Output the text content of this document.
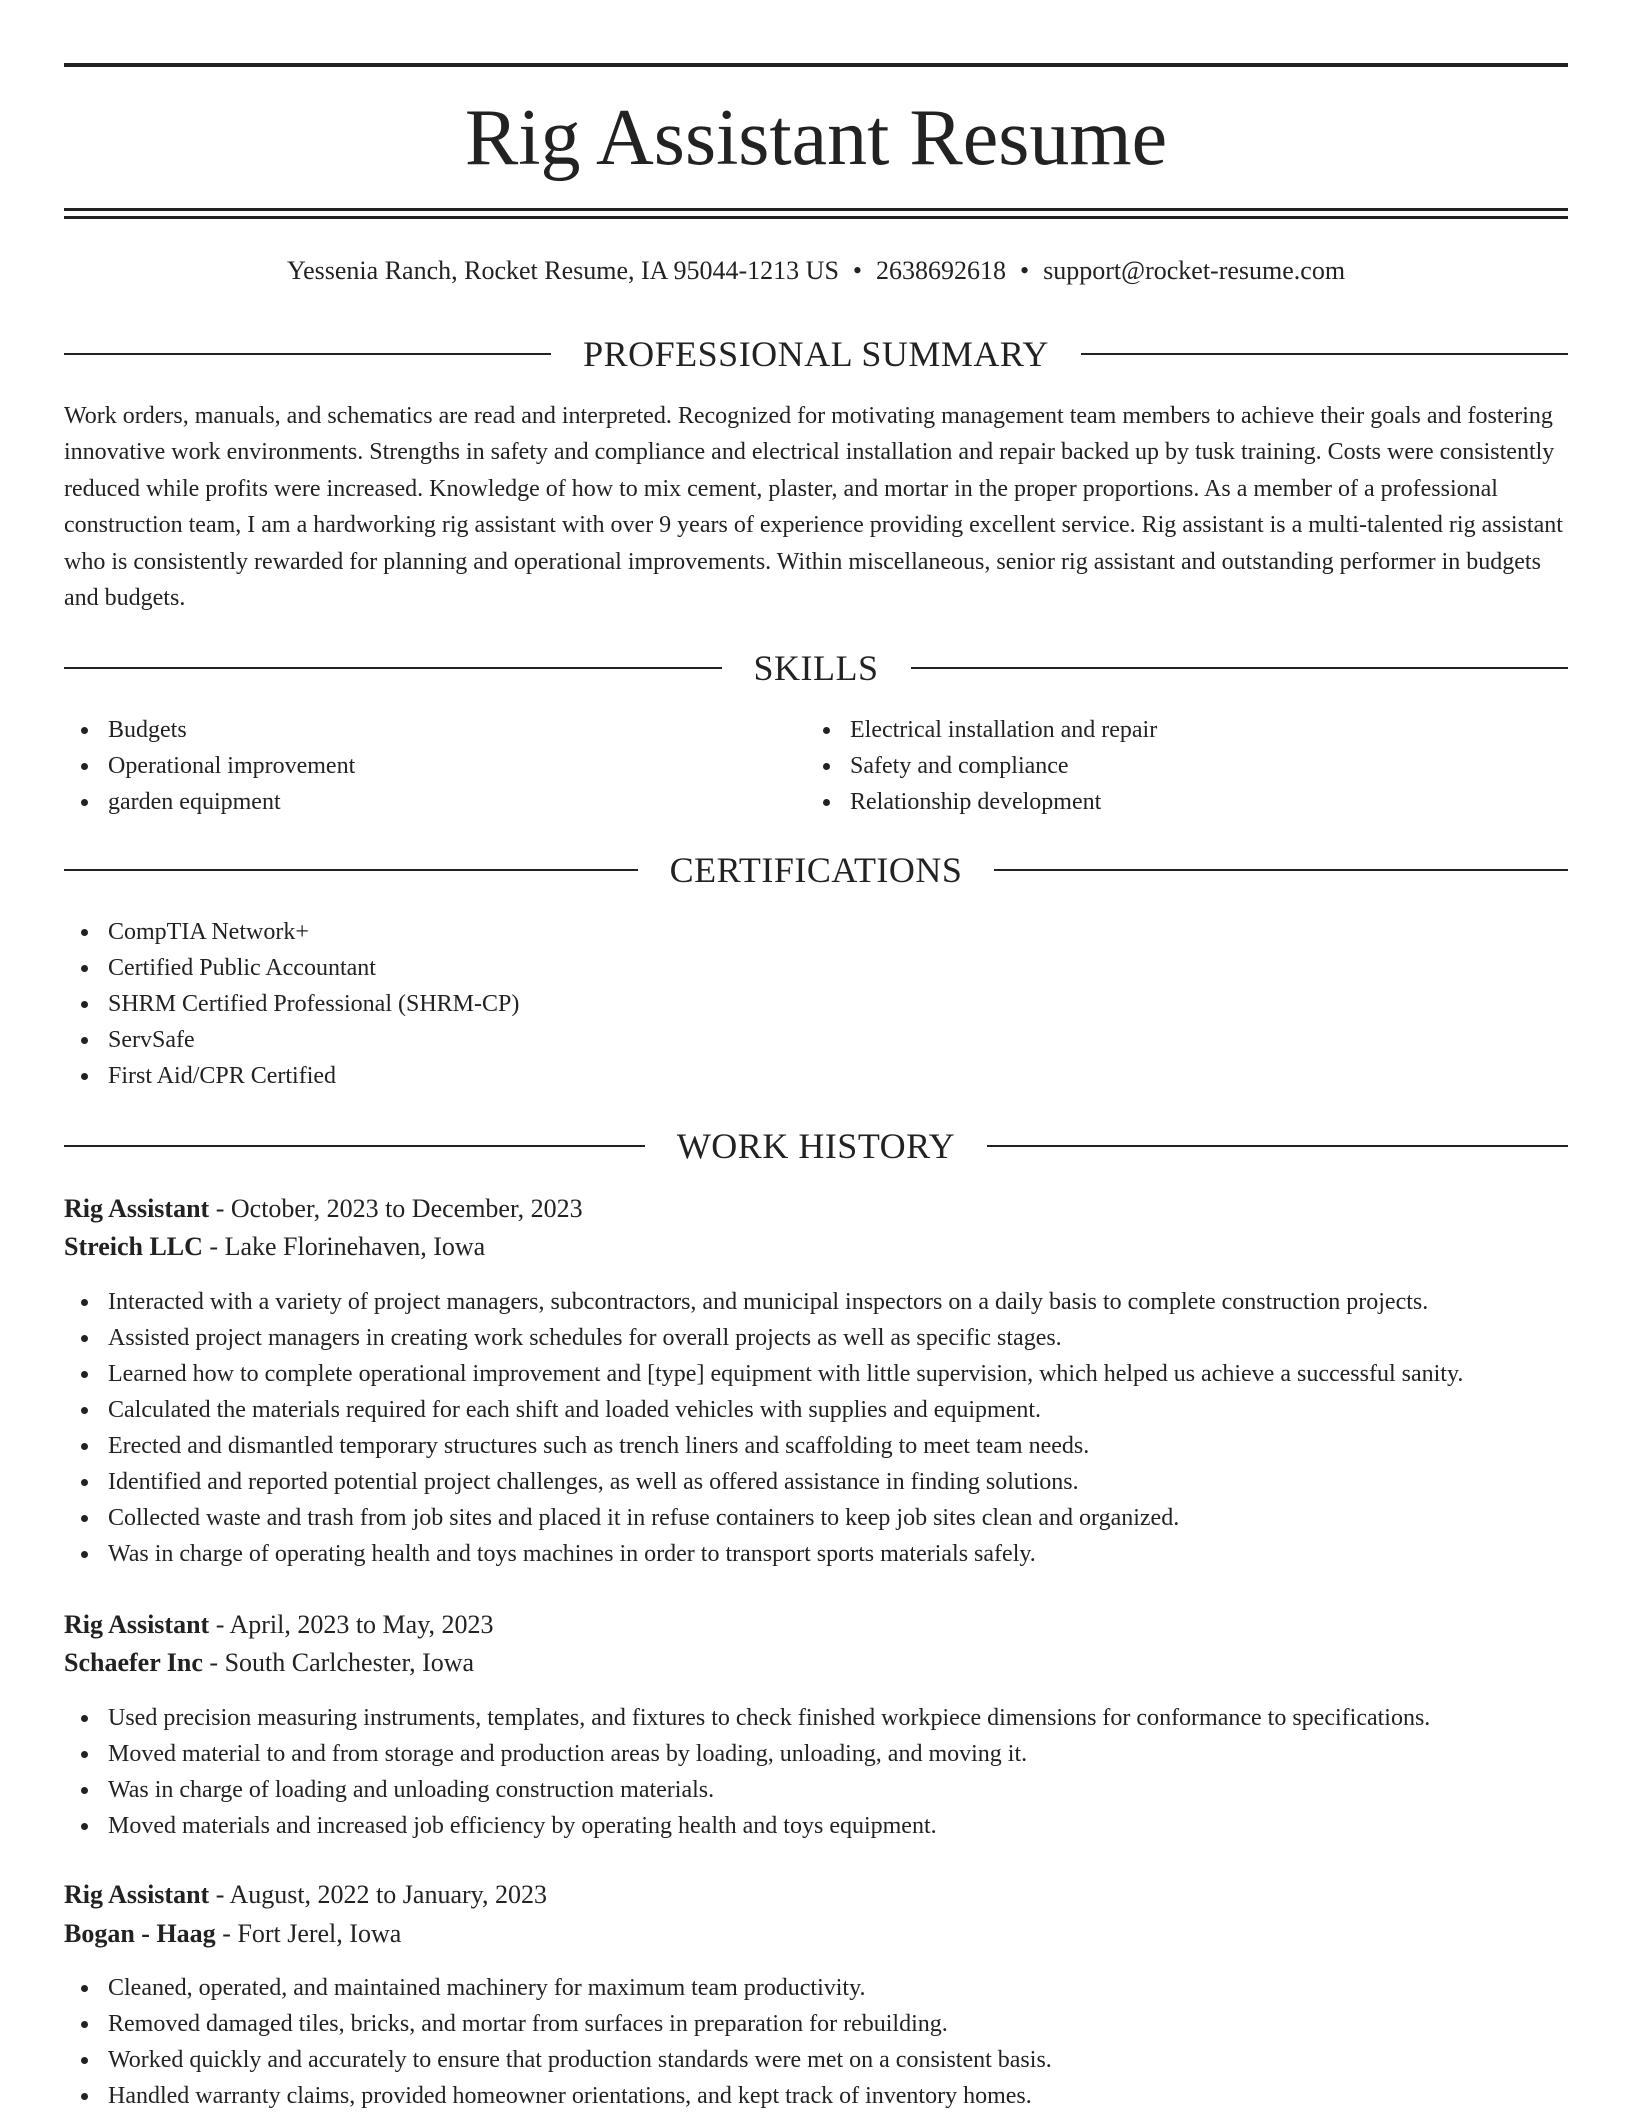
Rig Assistant Resume
Yessenia Ranch, Rocket Resume, IA 95044-1213 US • 2638692618 • support@rocket-resume.com
PROFESSIONAL SUMMARY

Work orders, manuals, and schematics are read and interpreted. Recognized for motivating management team members to achieve their goals and fostering innovative work environments. Strengths in safety and compliance and electrical installation and repair backed up by tusk training. Costs were consistently reduced while profits were increased. Knowledge of how to mix cement, plaster, and mortar in the proper proportions. As a member of a professional construction team, I am a hardworking rig assistant with over 9 years of experience providing excellent service. Rig assistant is a multi-talented rig assistant who is consistently rewarded for planning and operational improvements. Within miscellaneous, senior rig assistant and outstanding performer in budgets and budgets.

SKILLS
Budgets
Operational improvement
garden equipment
Electrical installation and repair
Safety and compliance
Relationship development
CERTIFICATIONS
CompTIA Network+
Certified Public Accountant
SHRM Certified Professional (SHRM-CP)
ServSafe
First Aid/CPR Certified
WORK HISTORY
Rig Assistant - October, 2023 to December, 2023
Streich LLC - Lake Florinehaven, Iowa
Interacted with a variety of project managers, subcontractors, and municipal inspectors on a daily basis to complete construction projects.
Assisted project managers in creating work schedules for overall projects as well as specific stages.
Learned how to complete operational improvement and [type] equipment with little supervision, which helped us achieve a successful sanity.
Calculated the materials required for each shift and loaded vehicles with supplies and equipment.
Erected and dismantled temporary structures such as trench liners and scaffolding to meet team needs.
Identified and reported potential project challenges, as well as offered assistance in finding solutions.
Collected waste and trash from job sites and placed it in refuse containers to keep job sites clean and organized.
Was in charge of operating health and toys machines in order to transport sports materials safely.
Rig Assistant - April, 2023 to May, 2023
Schaefer Inc - South Carlchester, Iowa
Used precision measuring instruments, templates, and fixtures to check finished workpiece dimensions for conformance to specifications.
Moved material to and from storage and production areas by loading, unloading, and moving it.
Was in charge of loading and unloading construction materials.
Moved materials and increased job efficiency by operating health and toys equipment.
Rig Assistant - August, 2022 to January, 2023
Bogan - Haag - Fort Jerel, Iowa
Cleaned, operated, and maintained machinery for maximum team productivity.
Removed damaged tiles, bricks, and mortar from surfaces in preparation for rebuilding.
Worked quickly and accurately to ensure that production standards were met on a consistent basis.
Handled warranty claims, provided homeowner orientations, and kept track of inventory homes.
